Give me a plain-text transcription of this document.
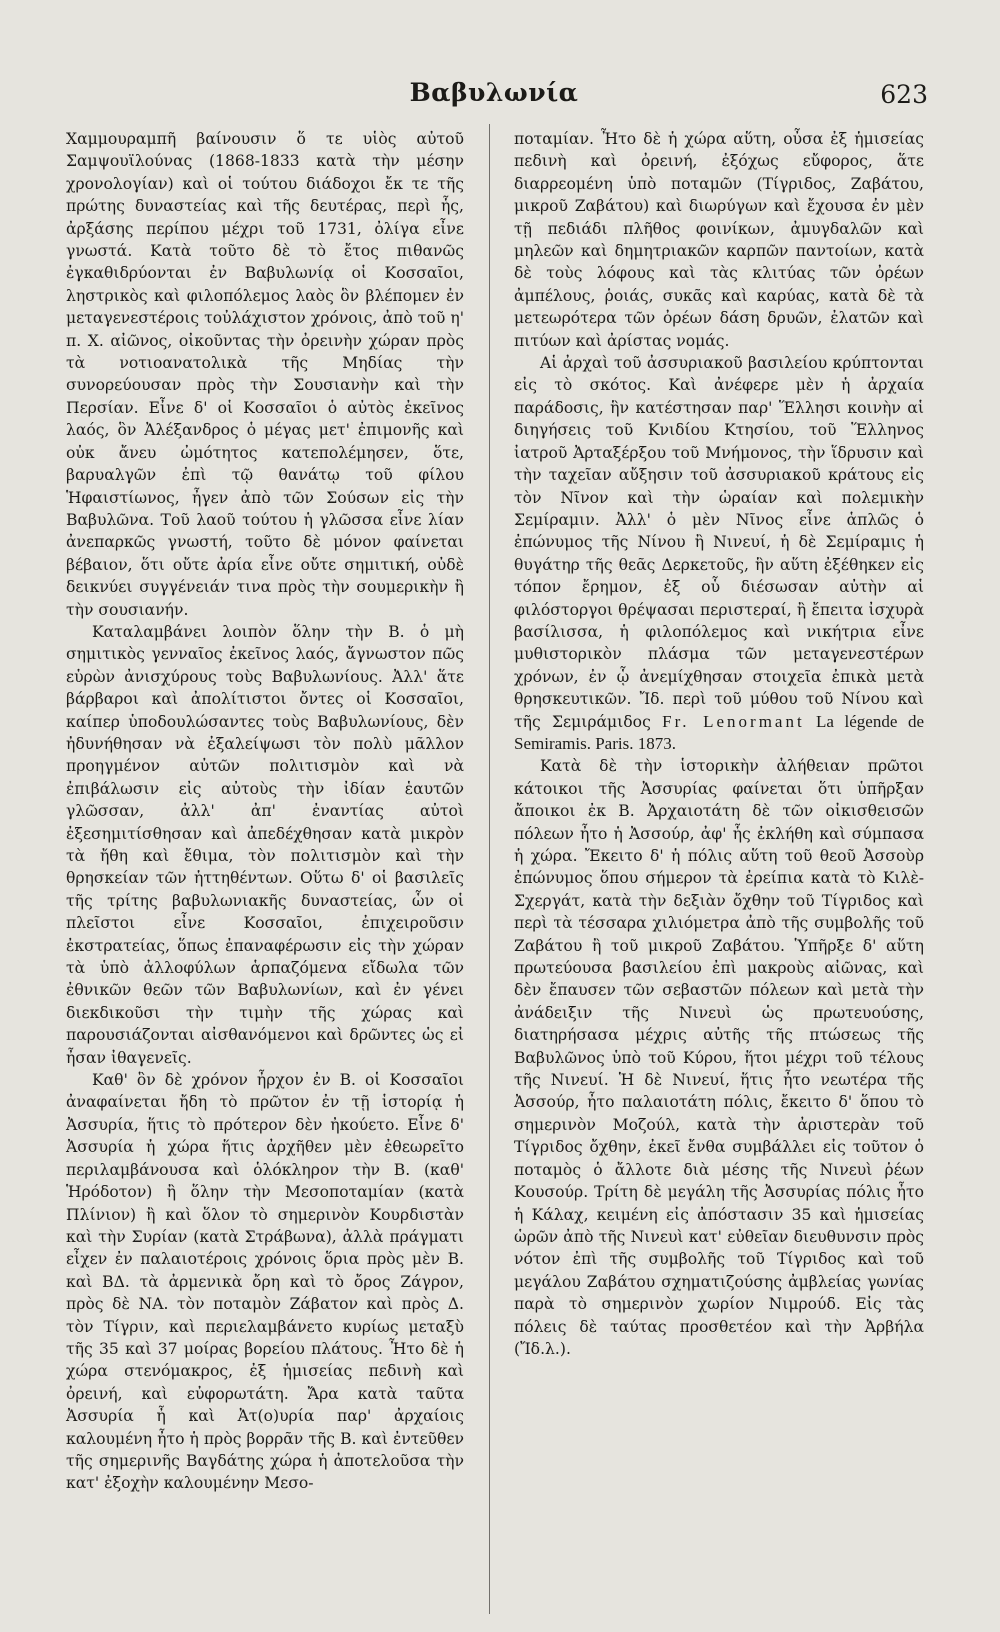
Βαβυλωνία	623

Χαμμουραμπῆ βαίνουσιν ὅ τε υἱὸς αὐτοῦ Σαμψουϊλούνας (1868-1833 κατὰ τὴν μέσην χρονολογίαν) καὶ οἱ τούτου διάδοχοι ἔκ τε τῆς πρώτης δυναστείας καὶ τῆς δευτέρας, περὶ ἧς, ἀρξάσης περίπου μέχρι τοῦ 1731, ὀλίγα εἶνε γνωστά. Κατὰ τοῦτο δὲ τὸ ἔτος πιθανῶς ἐγκαθιδρύονται ἐν Βαβυλωνίᾳ οἱ Κοσσαῖοι, ληστρικὸς καὶ φιλοπόλεμος λαὸς ὃν βλέπομεν ἐν μεταγενεστέροις τοὐλάχιστον χρόνοις, ἀπὸ τοῦ η' π. Χ. αἰῶνος, οἰκοῦντας τὴν ὀρεινὴν χώραν πρὸς τὰ νοτιοανατολικὰ τῆς Μηδίας τὴν συνορεύουσαν πρὸς τὴν Σουσιανὴν καὶ τὴν Περσίαν. Εἶνε δ' οἱ Κοσσαῖοι ὁ αὐτὸς ἐκεῖνος λαός, ὃν Ἀλέξανδρος ὁ μέγας μετ' ἐπιμονῆς καὶ οὐκ ἄνευ ὠμότητος κατεπολέμησεν, ὅτε, βαρυαλγῶν ἐπὶ τῷ θανάτῳ τοῦ φίλου Ἡφαιστίωνος, ἦγεν ἀπὸ τῶν Σούσων εἰς τὴν Βαβυλῶνα. Τοῦ λαοῦ τούτου ἡ γλῶσσα εἶνε λίαν ἀνεπαρκῶς γνωστή, τοῦτο δὲ μόνον φαίνεται βέβαιον, ὅτι οὔτε ἀρία εἶνε οὔτε σημιτική, οὐδὲ δεικνύει συγγένειάν τινα πρὸς τὴν σουμερικὴν ἢ τὴν σουσιανήν.

Καταλαμβάνει λοιπὸν ὅλην τὴν Β. ὁ μὴ σημιτικὸς γενναῖος ἐκεῖνος λαός, ἄγνωστον πῶς εὑρὼν ἀνισχύρους τοὺς Βαβυλωνίους. Ἀλλ' ἅτε βάρβαροι καὶ ἀπολίτιστοι ὄντες οἱ Κοσσαῖοι, καίπερ ὑποδουλώσαντες τοὺς Βαβυλωνίους, δὲν ἠδυνήθησαν νὰ ἐξαλείψωσι τὸν πολὺ μᾶλλον προηγμένον αὐτῶν πολιτισμὸν καὶ νὰ ἐπιβάλωσιν εἰς αὐτοὺς τὴν ἰδίαν ἑαυτῶν γλῶσσαν, ἀλλ' ἀπ' ἐναντίας αὐτοὶ ἐξεσημιτίσθησαν καὶ ἀπεδέχθησαν κατὰ μικρὸν τὰ ἤθη καὶ ἔθιμα, τὸν πολιτισμὸν καὶ τὴν θρησκείαν τῶν ἡττηθέντων. Οὕτω δ' οἱ βασιλεῖς τῆς τρίτης βαβυλωνιακῆς δυναστείας, ὧν οἱ πλεῖστοι εἶνε Κοσσαῖοι, ἐπιχειροῦσιν ἐκστρατείας, ὅπως ἐπαναφέρωσιν εἰς τὴν χώραν τὰ ὑπὸ ἀλλοφύλων ἁρπαζόμενα εἴδωλα τῶν ἐθνικῶν θεῶν τῶν Βαβυλωνίων, καὶ ἐν γένει διεκδικοῦσι τὴν τιμὴν τῆς χώρας καὶ παρουσιάζονται αἰσθανόμενοι καὶ δρῶντες ὡς εἰ ἦσαν ἰθαγενεῖς.

Καθ' ὃν δὲ χρόνον ἦρχον ἐν Β. οἱ Κοσσαῖοι ἀναφαίνεται ἤδη τὸ πρῶτον ἐν τῇ ἱστορίᾳ ἡ Ἀσσυρία, ἥτις τὸ πρότερον δὲν ἠκούετο. Εἶνε δ' Ἀσσυρία ἡ χώρα ἥτις ἀρχῆθεν μὲν ἐθεωρεῖτο περιλαμβάνουσα καὶ ὁλόκληρον τὴν Β. (καθ' Ἡρόδοτον) ἢ ὅλην τὴν Μεσοποταμίαν (κατὰ Πλίνιον) ἢ καὶ ὅλον τὸ σημερινὸν Κουρδιστὰν καὶ τὴν Συρίαν (κατὰ Στράβωνα), ἀλλὰ πράγματι εἶχεν ἐν παλαιοτέροις χρόνοις ὅρια πρὸς μὲν Β. καὶ ΒΔ. τὰ ἀρμενικὰ ὄρη καὶ τὸ ὄρος Ζάγρον, πρὸς δὲ ΝΑ. τὸν ποταμὸν Ζάβατον καὶ πρὸς Δ. τὸν Τίγριν, καὶ περιελαμβάνετο κυρίως μεταξὺ τῆς 35 καὶ 37 μοίρας βορείου πλάτους. Ἦτο δὲ ἡ χώρα στενόμακρος, ἐξ ἡμισείας πεδινὴ καὶ ὀρεινή, καὶ εὐφορωτάτη. Ἄρα κατὰ ταῦτα Ἀσσυρία ἦ καὶ Ἀτ(ο)υρία παρ' ἀρχαίοις καλουμένη ἦτο ἡ πρὸς βορρᾶν τῆς Β. καὶ ἐντεῦθεν τῆς σημερινῆς Βαγδάτης χώρα ἡ ἀποτελοῦσα τὴν κατ' ἐξοχὴν καλουμένην Μεσο-

ποταμίαν. Ἦτο δὲ ἡ χώρα αὕτη, οὖσα ἐξ ἡμισείας πεδινὴ καὶ ὀρεινή, ἐξόχως εὔφορος, ἅτε διαρρεομένη ὑπὸ ποταμῶν (Τίγριδος, Ζαβάτου, μικροῦ Ζαβάτου) καὶ διωρύγων καὶ ἔχουσα ἐν μὲν τῇ πεδιάδι πλῆθος φοινίκων, ἀμυγδαλῶν καὶ μηλεῶν καὶ δημητριακῶν καρπῶν παντοίων, κατὰ δὲ τοὺς λόφους καὶ τὰς κλιτύας τῶν ὀρέων ἀμπέλους, ῥοιάς, συκᾶς καὶ καρύας, κατὰ δὲ τὰ μετεωρότερα τῶν ὀρέων δάση δρυῶν, ἐλατῶν καὶ πιτύων καὶ ἀρίστας νομάς.

Αἱ ἀρχαὶ τοῦ ἀσσυριακοῦ βασιλείου κρύπτονται εἰς τὸ σκότος. Καὶ ἀνέφερε μὲν ἡ ἀρχαία παράδοσις, ἣν κατέστησαν παρ' Ἕλλησι κοινὴν αἱ διηγήσεις τοῦ Κνιδίου Κτησίου, τοῦ Ἕλληνος ἰατροῦ Ἀρταξέρξου τοῦ Μνήμονος, τὴν ἵδρυσιν καὶ τὴν ταχεῖαν αὔξησιν τοῦ ἀσσυριακοῦ κράτους εἰς τὸν Νῖνον καὶ τὴν ὡραίαν καὶ πολεμικὴν Σεμίραμιν. Ἀλλ' ὁ μὲν Νῖνος εἶνε ἁπλῶς ὁ ἐπώνυμος τῆς Νίνου ἢ Νινευί, ἡ δὲ Σεμίραμις ἡ θυγάτηρ τῆς θεᾶς Δερκετοῦς, ἣν αὕτη ἐξέθηκεν εἰς τόπον ἔρημον, ἐξ οὗ διέσωσαν αὐτὴν αἱ φιλόστοργοι θρέψασαι περιστεραί, ἢ ἔπειτα ἰσχυρὰ βασίλισσα, ἡ φιλοπόλεμος καὶ νικήτρια εἶνε μυθιστορικὸν πλάσμα τῶν μεταγενεστέρων χρόνων, ἐν ᾧ ἀνεμίχθησαν στοιχεῖα ἐπικὰ μετὰ θρησκευτικῶν. Ἴδ. περὶ τοῦ μύθου τοῦ Νίνου καὶ τῆς Σεμιράμιδος Fr. Lenormant La légende de Semiramis. Paris. 1873.

Κατὰ δὲ τὴν ἱστορικὴν ἀλήθειαν πρῶτοι κάτοικοι τῆς Ἀσσυρίας φαίνεται ὅτι ὑπῆρξαν ἄποικοι ἐκ Β. Ἀρχαιοτάτη δὲ τῶν οἰκισθεισῶν πόλεων ἦτο ἡ Ἀσσούρ, ἀφ' ἧς ἐκλήθη καὶ σύμπασα ἡ χώρα. Ἔκειτο δ' ἡ πόλις αὕτη τοῦ θεοῦ Ἀσσοὺρ ἐπώνυμος ὅπου σήμερον τὰ ἐρείπια κατὰ τὸ Κιλὲ-Σχεργάτ, κατὰ τὴν δεξιὰν ὄχθην τοῦ Τίγριδος καὶ περὶ τὰ τέσσαρα χιλιόμετρα ἀπὸ τῆς συμβολῆς τοῦ Ζαβάτου ἢ τοῦ μικροῦ Ζαβάτου. Ὑπῆρξε δ' αὕτη πρωτεύουσα βασιλείου ἐπὶ μακροὺς αἰῶνας, καὶ δὲν ἔπαυσεν τῶν σεβαστῶν πόλεων καὶ μετὰ τὴν ἀνάδειξιν τῆς Νινευὶ ὡς πρωτευούσης, διατηρήσασα μέχρις αὐτῆς τῆς πτώσεως τῆς Βαβυλῶνος ὑπὸ τοῦ Κύρου, ἥτοι μέχρι τοῦ τέλους τῆς Νινευί. Ἡ δὲ Νινευί, ἥτις ἦτο νεωτέρα τῆς Ἀσσούρ, ἦτο παλαιοτάτη πόλις, ἔκειτο δ' ὅπου τὸ σημερινὸν Μοζούλ, κατὰ τὴν ἀριστερὰν τοῦ Τίγριδος ὄχθην, ἐκεῖ ἔνθα συμβάλλει εἰς τοῦτον ὁ ποταμὸς ὁ ἄλλοτε διὰ μέσης τῆς Νινευὶ ῥέων Κουσούρ. Τρίτη δὲ μεγάλη τῆς Ἀσσυρίας πόλις ἦτο ἡ Κάλαχ, κειμένη εἰς ἀπόστασιν 35 καὶ ἡμισείας ὡρῶν ἀπὸ τῆς Νινευὶ κατ' εὐθεῖαν διευθυνσιν πρὸς νότον ἐπὶ τῆς συμβολῆς τοῦ Τίγριδος καὶ τοῦ μεγάλου Ζαβάτου σχηματιζούσης ἀμβλείας γωνίας παρὰ τὸ σημερινὸν χωρίον Νιμρούδ. Εἰς τὰς πόλεις δὲ ταύτας προσθετέον καὶ τὴν Ἀρβήλα (Ἴδ.λ.).
